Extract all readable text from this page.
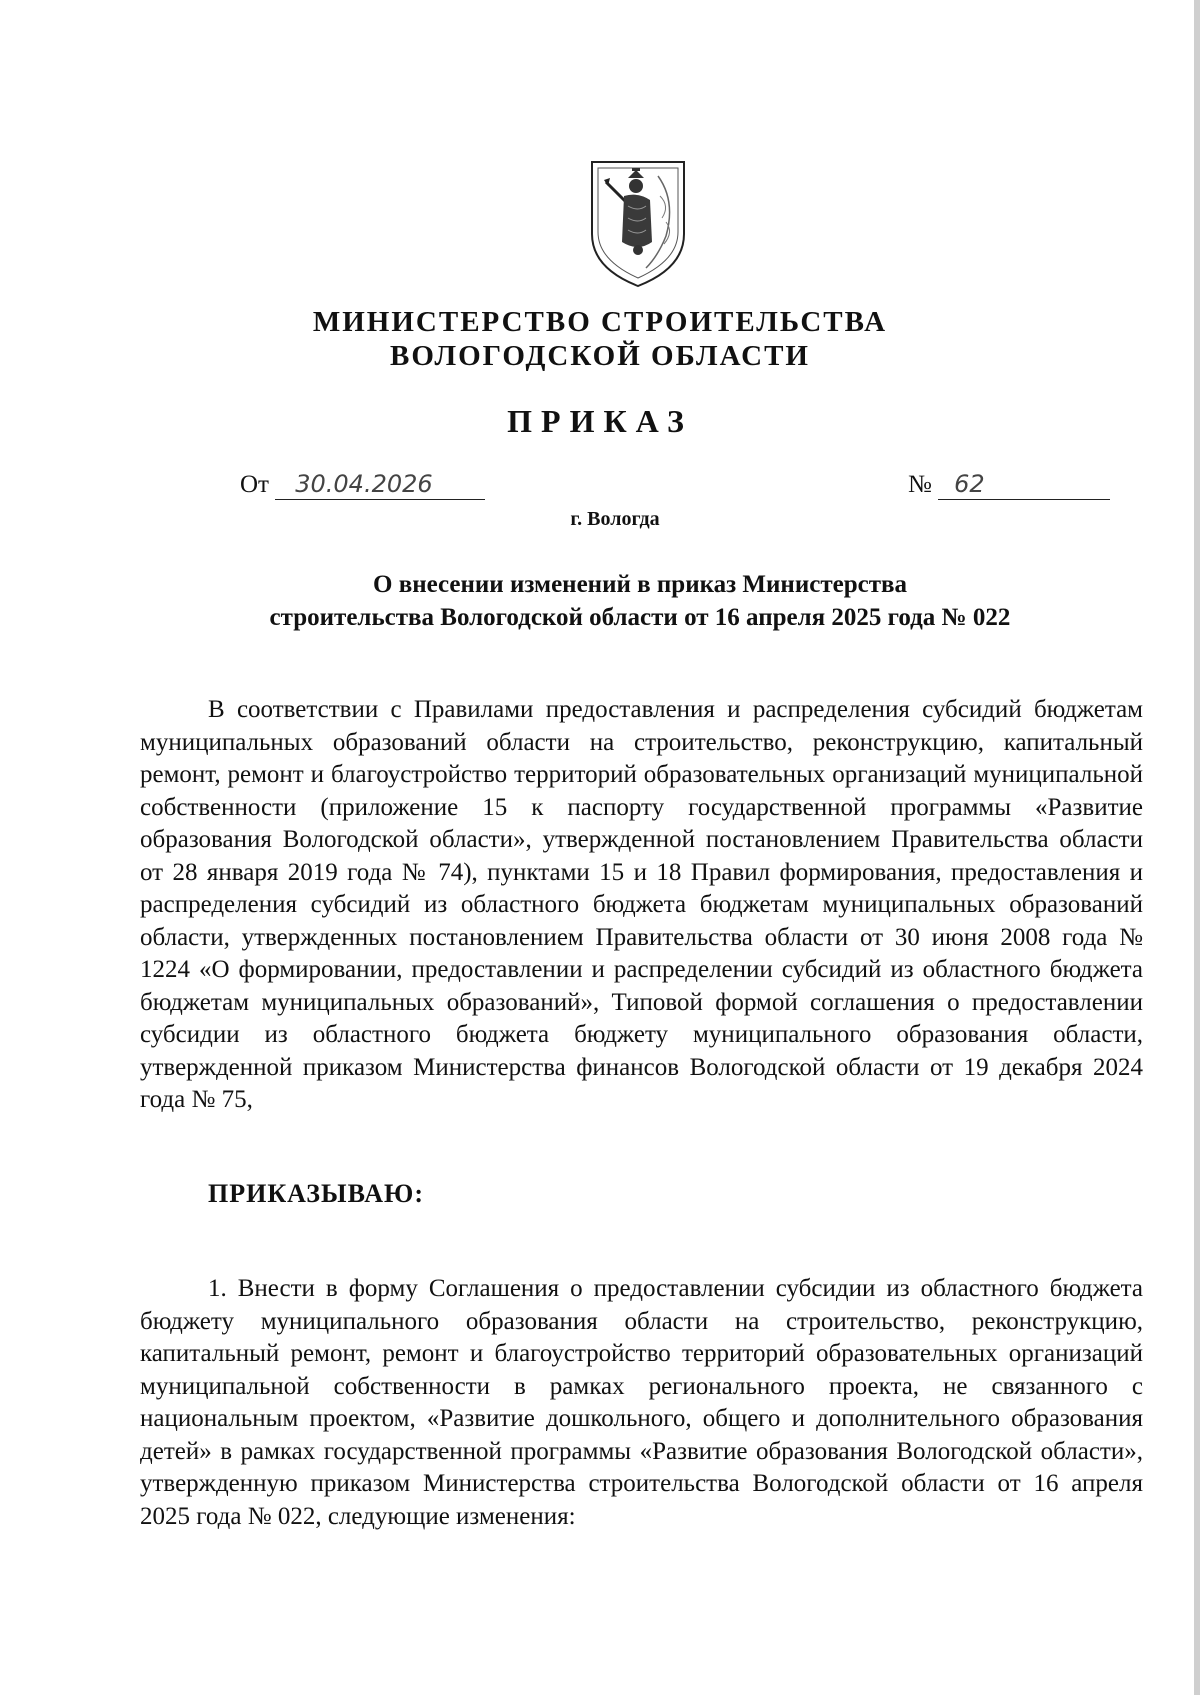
МИНИСТЕРСТВО СТРОИТЕЛЬСТВА
ВОЛОГОДСКОЙ ОБЛАСТИ
ПРИКАЗ
От 30.04.2026	№ 62
г. Вологда
О внесении изменений в приказ Министерства
строительства Вологодской области от 16 апреля 2025 года № 022

В соответствии с Правилами предоставления и распределения субсидий бюджетам муниципальных образований области на строительство, реконструкцию, капитальный ремонт, ремонт и благоустройство территорий образовательных организаций муниципальной собственности (приложение 15 к паспорту государственной программы «Развитие образования Вологодской области», утвержденной постановлением Правительства области от 28 января 2019 года № 74), пунктами 15 и 18 Правил формирования, предоставления и распределения субсидий из областного бюджета бюджетам муниципальных образований области, утвержденных постановлением Правительства области от 30 июня 2008 года № 1224 «О формировании, предоставлении и распределении субсидий из областного бюджета бюджетам муниципальных образований», Типовой формой соглашения о предоставлении субсидии из областного бюджета бюджету муниципального образования области, утвержденной приказом Министерства финансов Вологодской области от 19 декабря 2024 года № 75,

ПРИКАЗЫВАЮ:

1. Внести в форму Соглашения о предоставлении субсидии из областного бюджета бюджету муниципального образования области на строительство, реконструкцию, капитальный ремонт, ремонт и благоустройство территорий образовательных организаций муниципальной собственности в рамках регионального проекта, не связанного с национальным проектом, «Развитие дошкольного, общего и дополнительного образования детей» в рамках государственной программы «Развитие образования Вологодской области», утвержденную приказом Министерства строительства Вологодской области от 16 апреля 2025 года № 022, следующие изменения:
